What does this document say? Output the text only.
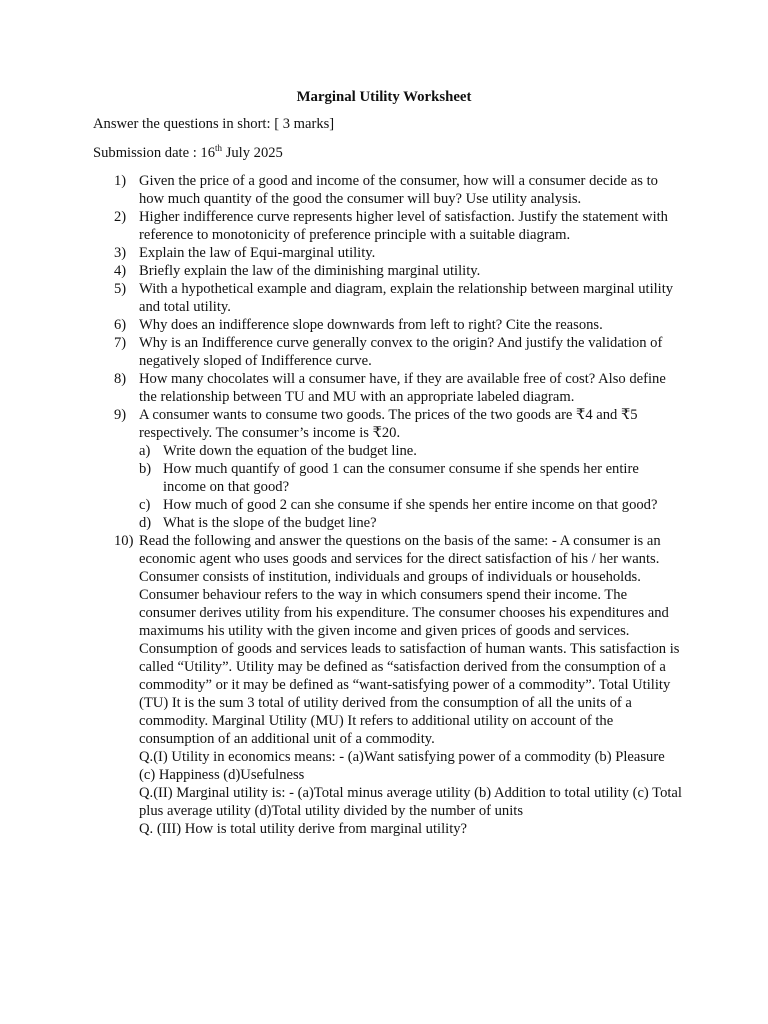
Marginal Utility Worksheet
Answer the questions in short: [ 3 marks]
Submission date : 16th July 2025
1) Given the price of a good and income of the consumer, how will a consumer decide as to how much quantity of the good the consumer will buy? Use utility analysis.
2) Higher indifference curve represents higher level of satisfaction. Justify the statement with reference to monotonicity of preference principle with a suitable diagram.
3) Explain the law of Equi-marginal utility.
4) Briefly explain the law of the diminishing marginal utility.
5) With a hypothetical example and diagram, explain the relationship between marginal utility and total utility.
6) Why does an indifference slope downwards from left to right? Cite the reasons.
7) Why is an Indifference curve generally convex to the origin? And justify the validation of negatively sloped of Indifference curve.
8) How many chocolates will a consumer have, if they are available free of cost? Also define the relationship between TU and MU with an appropriate labeled diagram.
9) A consumer wants to consume two goods. The prices of the two goods are ₹4 and ₹5 respectively. The consumer’s income is ₹20.
a) Write down the equation of the budget line.
b) How much quantify of good 1 can the consumer consume if she spends her entire income on that good?
c) How much of good 2 can she consume if she spends her entire income on that good?
d) What is the slope of the budget line?
10) Read the following and answer the questions on the basis of the same: - A consumer is an economic agent who uses goods and services for the direct satisfaction of his / her wants. Consumer consists of institution, individuals and groups of individuals or households. Consumer behaviour refers to the way in which consumers spend their income. The consumer derives utility from his expenditure. The consumer chooses his expenditures and maximums his utility with the given income and given prices of goods and services. Consumption of goods and services leads to satisfaction of human wants. This satisfaction is called “Utility”. Utility may be defined as “satisfaction derived from the consumption of a commodity” or it may be defined as “want-satisfying power of a commodity”. Total Utility (TU) It is the sum 3 total of utility derived from the consumption of all the units of a commodity. Marginal Utility (MU) It refers to additional utility on account of the consumption of an additional unit of a commodity.
Q.(I) Utility in economics means: - (a)Want satisfying power of a commodity (b) Pleasure (c) Happiness (d)Usefulness
Q.(II) Marginal utility is: - (a)Total minus average utility (b) Addition to total utility (c) Total plus average utility (d)Total utility divided by the number of units
Q. (III) How is total utility derive from marginal utility?
